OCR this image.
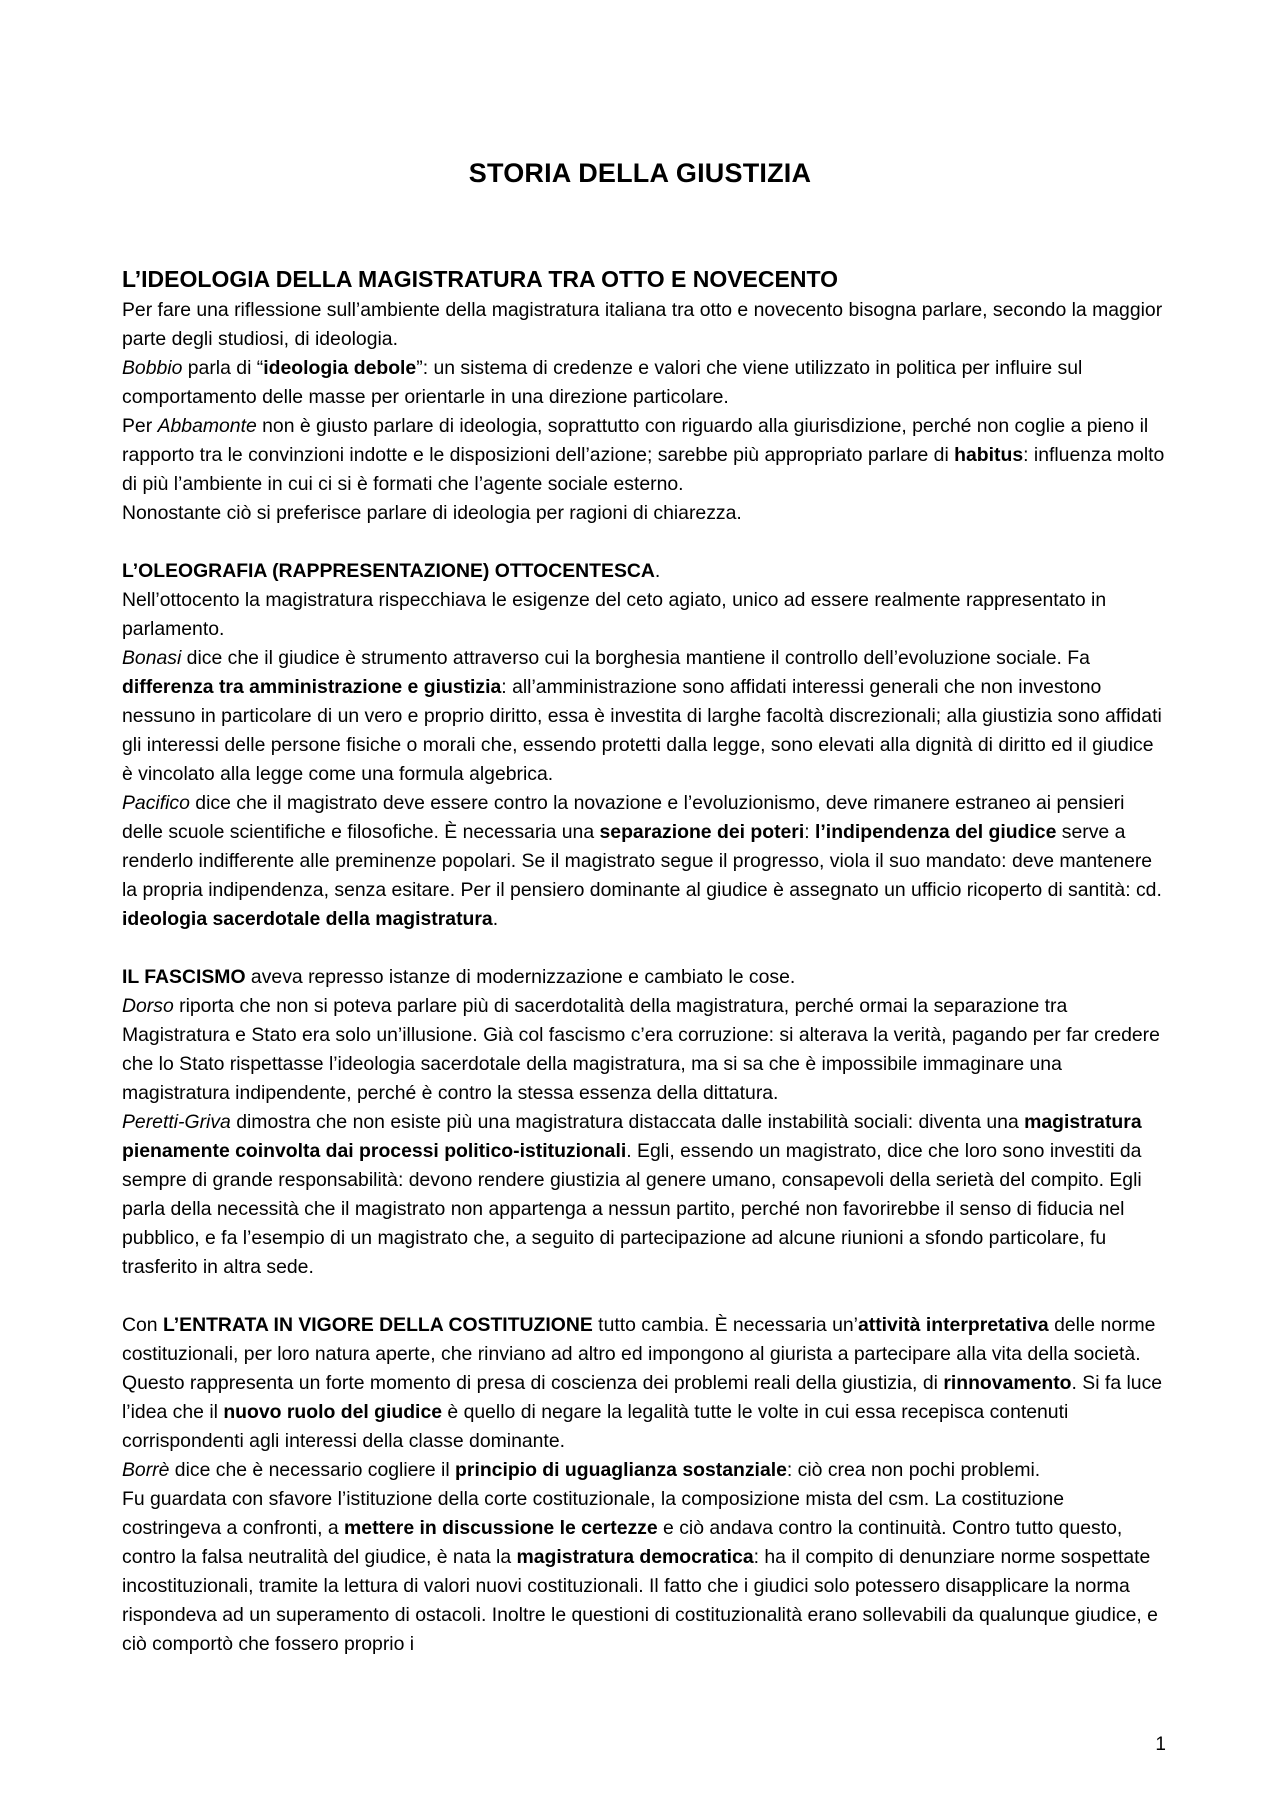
STORIA DELLA GIUSTIZIA
L’IDEOLOGIA DELLA MAGISTRATURA TRA OTTO E NOVECENTO

Per fare una riflessione sull’ambiente della magistratura italiana tra otto e novecento bisogna parlare, secondo la maggior parte degli studiosi, di ideologia.

Bobbio parla di “ideologia debole”: un sistema di credenze e valori che viene utilizzato in politica per influire sul comportamento delle masse per orientarle in una direzione particolare.

Per Abbamonte non è giusto parlare di ideologia, soprattutto con riguardo alla giurisdizione, perché non coglie a pieno il rapporto tra le convinzioni indotte e le disposizioni dell’azione; sarebbe più appropriato parlare di habitus: influenza molto di più l’ambiente in cui ci si è formati che l’agente sociale esterno.

Nonostante ciò si preferisce parlare di ideologia per ragioni di chiarezza.

L’OLEOGRAFIA (RAPPRESENTAZIONE) OTTOCENTESCA.

Nell’ottocento la magistratura rispecchiava le esigenze del ceto agiato, unico ad essere realmente rappresentato in parlamento.

Bonasi dice che il giudice è strumento attraverso cui la borghesia mantiene il controllo dell’evoluzione sociale. Fa differenza tra amministrazione e giustizia: all’amministrazione sono affidati interessi generali che non investono nessuno in particolare di un vero e proprio diritto, essa è investita di larghe facoltà discrezionali; alla giustizia sono affidati gli interessi delle persone fisiche o morali che, essendo protetti dalla legge, sono elevati alla dignità di diritto ed il giudice è vincolato alla legge come una formula algebrica.

Pacifico dice che il magistrato deve essere contro la novazione e l’evoluzionismo, deve rimanere estraneo ai pensieri delle scuole scientifiche e filosofiche. È necessaria una separazione dei poteri: l’indipendenza del giudice serve a renderlo indifferente alle preminenze popolari. Se il magistrato segue il progresso, viola il suo mandato: deve mantenere la propria indipendenza, senza esitare. Per il pensiero dominante al giudice è assegnato un ufficio ricoperto di santità: cd. ideologia sacerdotale della magistratura.

IL FASCISMO aveva represso istanze di modernizzazione e cambiato le cose.

Dorso riporta che non si poteva parlare più di sacerdotalità della magistratura, perché ormai la separazione tra Magistratura e Stato era solo un’illusione. Già col fascismo c’era corruzione: si alterava la verità, pagando per far credere che lo Stato rispettasse l’ideologia sacerdotale della magistratura, ma si sa che è impossibile immaginare una magistratura indipendente, perché è contro la stessa essenza della dittatura.

Peretti-Griva dimostra che non esiste più una magistratura distaccata dalle instabilità sociali: diventa una magistratura pienamente coinvolta dai processi politico-istituzionali. Egli, essendo un magistrato, dice che loro sono investiti da sempre di grande responsabilità: devono rendere giustizia al genere umano, consapevoli della serietà del compito. Egli parla della necessità che il magistrato non appartenga a nessun partito, perché non favorirebbe il senso di fiducia nel pubblico, e fa l’esempio di un magistrato che, a seguito di partecipazione ad alcune riunioni a sfondo particolare, fu trasferito in altra sede.

Con L’ENTRATA IN VIGORE DELLA COSTITUZIONE tutto cambia. È necessaria un’attività interpretativa delle norme costituzionali, per loro natura aperte, che rinviano ad altro ed impongono al giurista a partecipare alla vita della società. Questo rappresenta un forte momento di presa di coscienza dei problemi reali della giustizia, di rinnovamento. Si fa luce l’idea che il nuovo ruolo del giudice è quello di negare la legalità tutte le volte in cui essa recepisca contenuti corrispondenti agli interessi della classe dominante.

Borrè dice che è necessario cogliere il principio di uguaglianza sostanziale: ciò crea non pochi problemi.

Fu guardata con sfavore l’istituzione della corte costituzionale, la composizione mista del csm. La costituzione costringeva a confronti, a mettere in discussione le certezze e ciò andava contro la continuità. Contro tutto questo, contro la falsa neutralità del giudice, è nata la magistratura democratica: ha il compito di denunziare norme sospettate incostituzionali, tramite la lettura di valori nuovi costituzionali. Il fatto che i giudici solo potessero disapplicare la norma rispondeva ad un superamento di ostacoli. Inoltre le questioni di costituzionalità erano sollevabili da qualunque giudice, e ciò comportò che fossero proprio i

1
